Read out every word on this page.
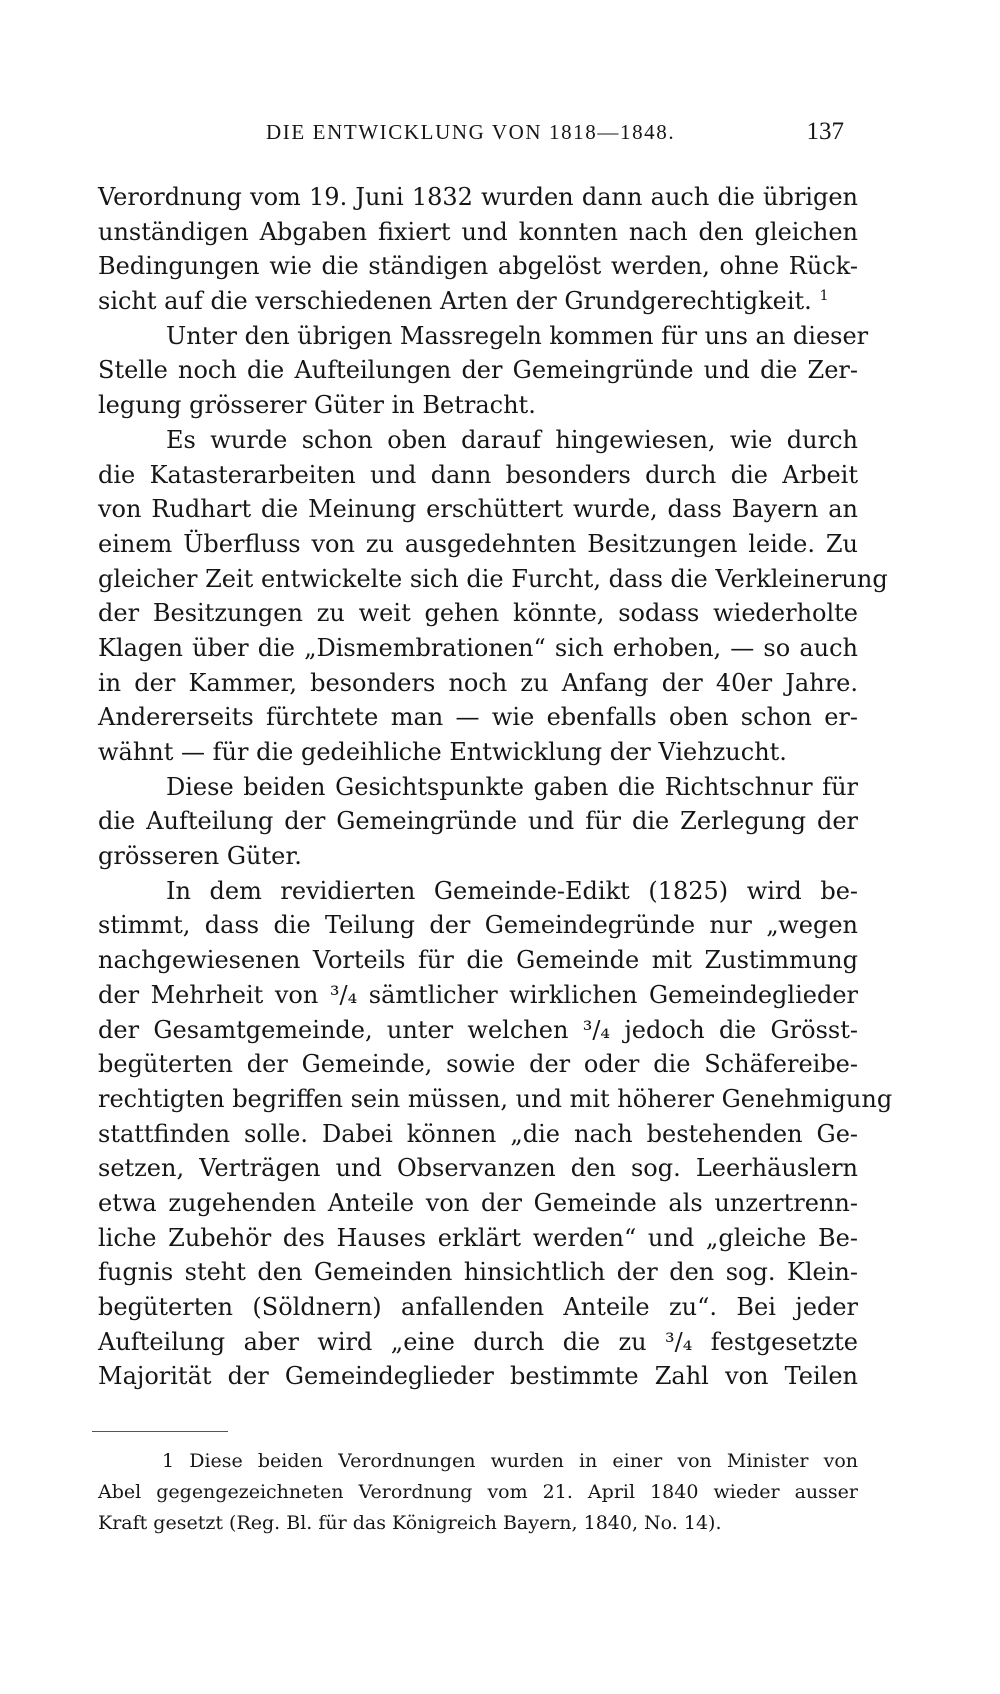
DIE ENTWICKLUNG VON 1818—1848.	137
Verordnung vom 19. Juni 1832 wurden dann auch die übrigen
unständigen Abgaben fixiert und konnten nach den gleichen
Bedingungen wie die ständigen abgelöst werden, ohne Rück-
sicht auf die verschiedenen Arten der Grundgerechtigkeit. $^1$
Unter den übrigen Massregeln kommen für uns an dieser
Stelle noch die Aufteilungen der Gemeingründe und die Zer-
legung grösserer Güter in Betracht.
Es wurde schon oben darauf hingewiesen, wie durch
die Katasterarbeiten und dann besonders durch die Arbeit
von Rudhart die Meinung erschüttert wurde, dass Bayern an
einem Überfluss von zu ausgedehnten Besitzungen leide. Zu
gleicher Zeit entwickelte sich die Furcht, dass die Verkleinerung
der Besitzungen zu weit gehen könnte, sodass wiederholte
Klagen über die „Dismembrationen“ sich erhoben, — so auch
in der Kammer, besonders noch zu Anfang der 40er Jahre.
Andererseits fürchtete man — wie ebenfalls oben schon er-
wähnt — für die gedeihliche Entwicklung der Viehzucht.
Diese beiden Gesichtspunkte gaben die Richtschnur für
die Aufteilung der Gemeingründe und für die Zerlegung der
grösseren Güter.
In dem revidierten Gemeinde-Edikt (1825) wird be-
stimmt, dass die Teilung der Gemeindegründe nur „wegen
nachgewiesenen Vorteils für die Gemeinde mit Zustimmung
der Mehrheit von ³/₄ sämtlicher wirklichen Gemeindeglieder
der Gesamtgemeinde, unter welchen ³/₄ jedoch die Grösst-
begüterten der Gemeinde, sowie der oder die Schäfereibe-
rechtigten begriffen sein müssen, und mit höherer Genehmigung
stattfinden solle. Dabei können „die nach bestehenden Ge-
setzen, Verträgen und Observanzen den sog. Leerhäuslern
etwa zugehenden Anteile von der Gemeinde als unzertrenn-
liche Zubehör des Hauses erklärt werden“ und „gleiche Be-
fugnis steht den Gemeinden hinsichtlich der den sog. Klein-
begüterten (Söldnern) anfallenden Anteile zu“. Bei jeder
Aufteilung aber wird „eine durch die zu ³/₄ festgesetzte
Majorität der Gemeindeglieder bestimmte Zahl von Teilen
1 Diese beiden Verordnungen wurden in einer von Minister von
Abel gegengezeichneten Verordnung vom 21. April 1840 wieder ausser
Kraft gesetzt (Reg. Bl. für das Königreich Bayern, 1840, No. 14).
